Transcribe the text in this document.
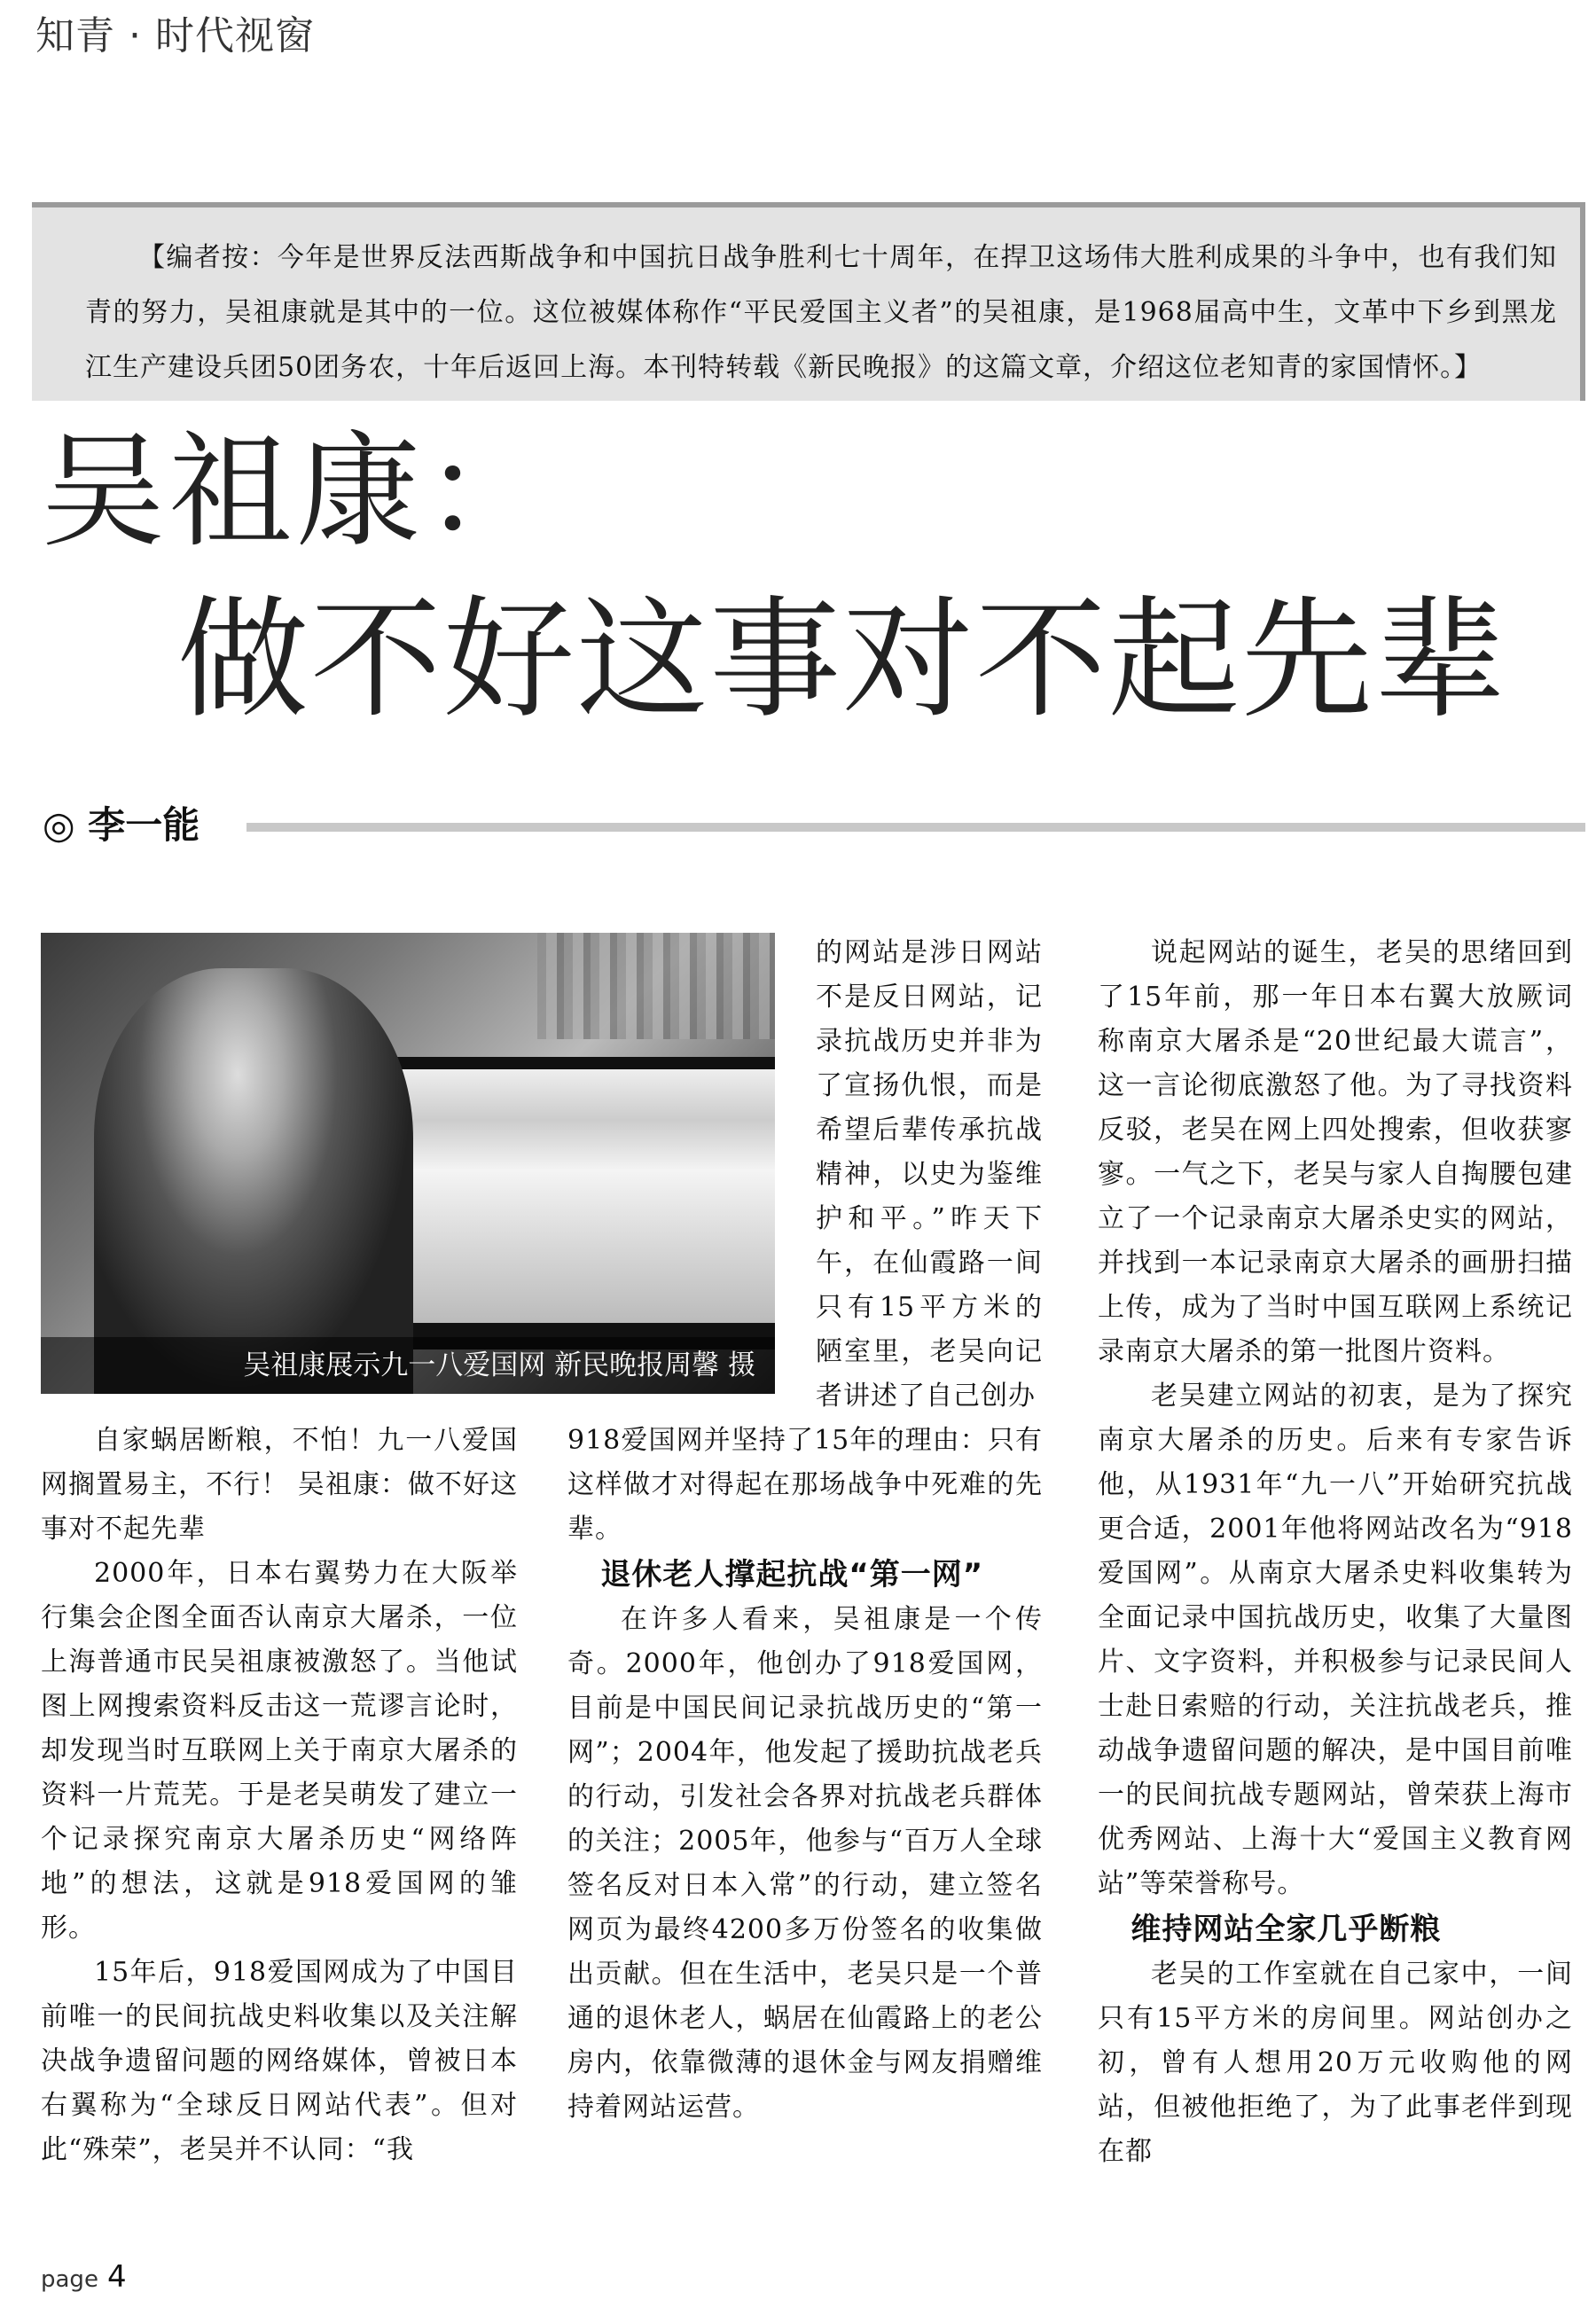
知青 · 时代视窗
【编者按：今年是世界反法西斯战争和中国抗日战争胜利七十周年，在捍卫这场伟大胜利成果的斗争中，也有我们知青的努力，吴祖康就是其中的一位。这位被媒体称作“平民爱国主义者”的吴祖康，是1968届高中生，文革中下乡到黑龙江生产建设兵团50团务农，十年后返回上海。本刊特转载《新民晚报》的这篇文章，介绍这位老知青的家国情怀。】
吴祖康：
做不好这事对不起先辈
◎ 李一能
吴祖康展示九一八爱国网 新民晚报周馨 摄

的网站是涉日网站不是反日网站，记录抗战历史并非为了宣扬仇恨，而是希望后辈传承抗战精神，以史为鉴维护和平。”昨天下午，在仙霞路一间只有15平方米的陋室里，老吴向记者讲述了自己创办

自家蜗居断粮，不怕！九一八爱国网搁置易主，不行！ 吴祖康：做不好这事对不起先辈

2000年，日本右翼势力在大阪举行集会企图全面否认南京大屠杀，一位上海普通市民吴祖康被激怒了。当他试图上网搜索资料反击这一荒谬言论时，却发现当时互联网上关于南京大屠杀的资料一片荒芜。于是老吴萌发了建立一个记录探究南京大屠杀历史“网络阵地”的想法，这就是918爱国网的雏形。

15年后，918爱国网成为了中国目前唯一的民间抗战史料收集以及关注解决战争遗留问题的网络媒体，曾被日本右翼称为“全球反日网站代表”。但对此“殊荣”，老吴并不认同：“我

918爱国网并坚持了15年的理由：只有这样做才对得起在那场战争中死难的先辈。

退休老人撑起抗战“第一网”

在许多人看来，吴祖康是一个传奇。2000年，他创办了918爱国网，目前是中国民间记录抗战历史的“第一网”；2004年，他发起了援助抗战老兵的行动，引发社会各界对抗战老兵群体的关注；2005年，他参与“百万人全球签名反对日本入常”的行动，建立签名网页为最终4200多万份签名的收集做出贡献。但在生活中，老吴只是一个普通的退休老人，蜗居在仙霞路上的老公房内，依靠微薄的退休金与网友捐赠维持着网站运营。

说起网站的诞生，老吴的思绪回到了15年前，那一年日本右翼大放厥词称南京大屠杀是“20世纪最大谎言”，这一言论彻底激怒了他。为了寻找资料反驳，老吴在网上四处搜索，但收获寥寥。一气之下，老吴与家人自掏腰包建立了一个记录南京大屠杀史实的网站，并找到一本记录南京大屠杀的画册扫描上传，成为了当时中国互联网上系统记录南京大屠杀的第一批图片资料。

老吴建立网站的初衷，是为了探究南京大屠杀的历史。后来有专家告诉他，从1931年“九一八”开始研究抗战更合适，2001年他将网站改名为“918爱国网”。从南京大屠杀史料收集转为全面记录中国抗战历史，收集了大量图片、文字资料，并积极参与记录民间人士赴日索赔的行动，关注抗战老兵，推动战争遗留问题的解决，是中国目前唯一的民间抗战专题网站，曾荣获上海市优秀网站、上海十大“爱国主义教育网站”等荣誉称号。

维持网站全家几乎断粮

老吴的工作室就在自己家中，一间只有15平方米的房间里。网站创办之初，曾有人想用20万元收购他的网站，但被他拒绝了，为了此事老伴到现在都

page 4
